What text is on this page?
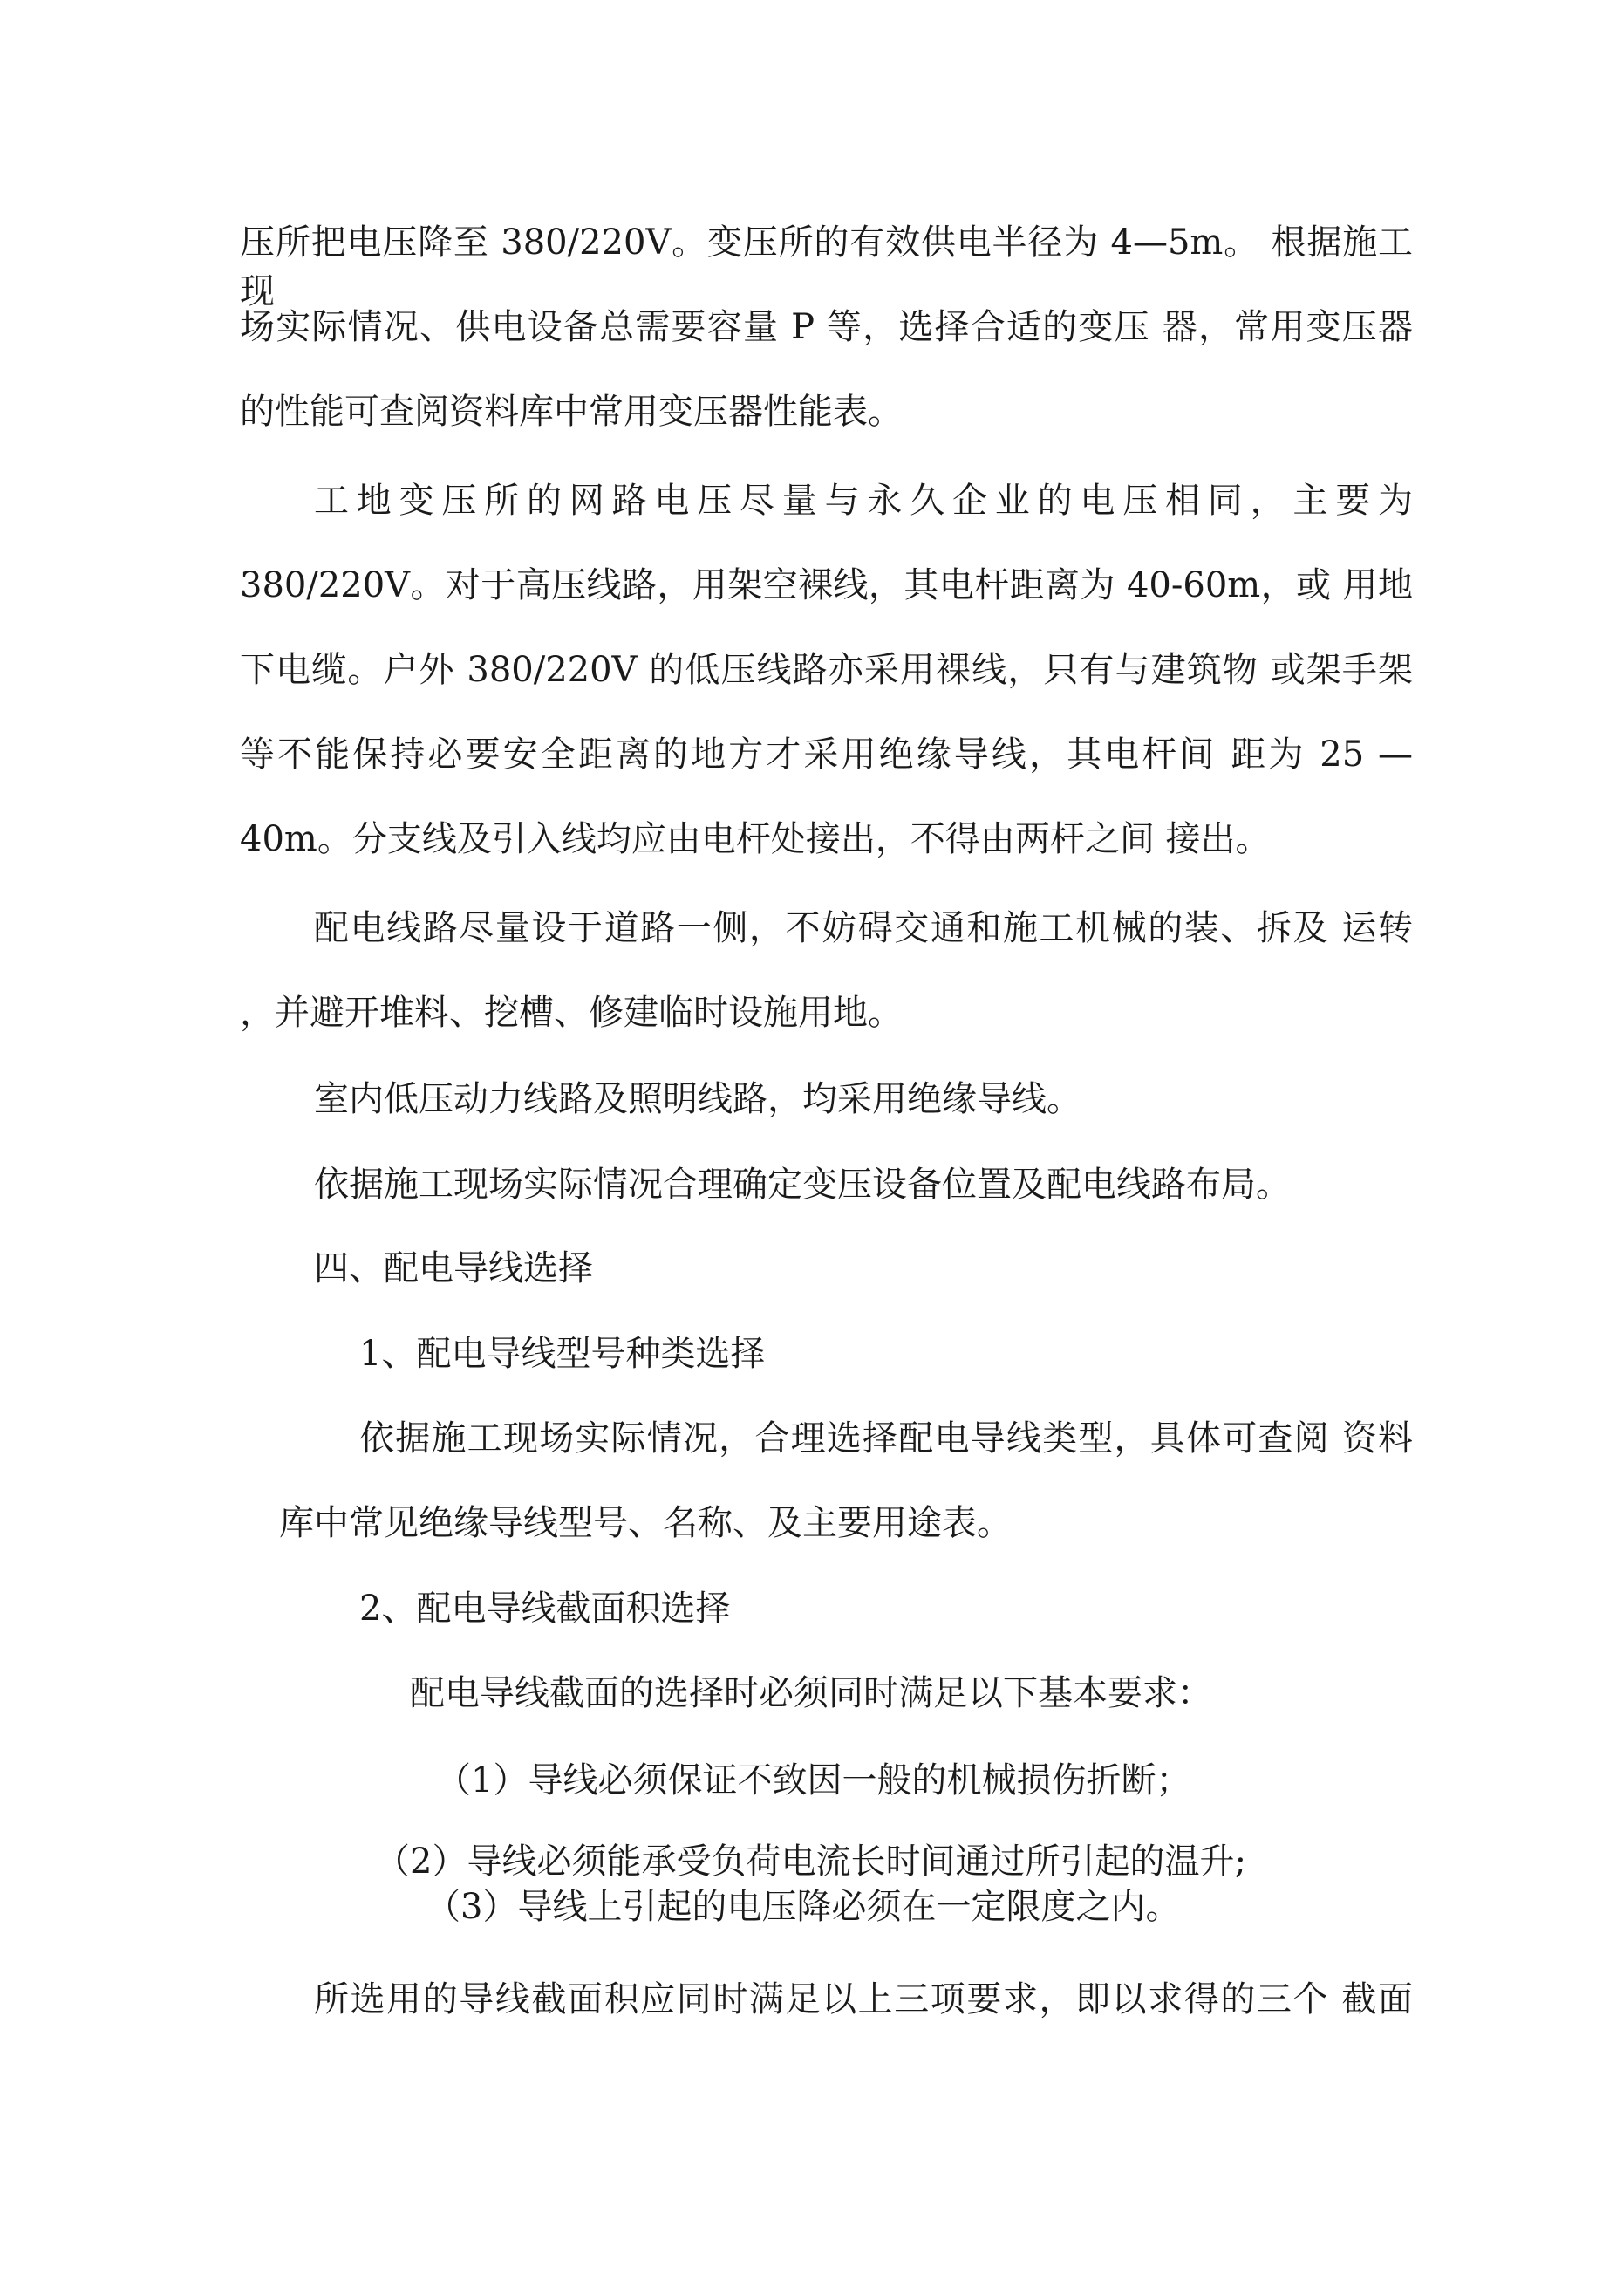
压所把电压降至 380/220V。变压所的有效供电半径为 4—5m。 根据施工现
场实际情况、供电设备总需要容量 P 等，选择合适的变压 器，常用变压器
的性能可查阅资料库中常用变压器性能表。
工地变压所的网路电压尽量与永久企业的电压相同，主要为
380/220V。对于高压线路，用架空裸线，其电杆距离为 40-60m，或 用地
下电缆。户外 380/220V 的低压线路亦采用裸线，只有与建筑物 或架手架
等不能保持必要安全距离的地方才采用绝缘导线，其电杆间 距为 25 —
40m。分支线及引入线均应由电杆处接出，不得由两杆之间 接出。
配电线路尽量设于道路一侧，不妨碍交通和施工机械的装、拆及 运转
，并避开堆料、挖槽、修建临时设施用地。
室内低压动力线路及照明线路，均采用绝缘导线。
依据施工现场实际情况合理确定变压设备位置及配电线路布局。
四、配电导线选择
1、配电导线型号种类选择
依据施工现场实际情况，合理选择配电导线类型，具体可查阅 资料
库中常见绝缘导线型号、名称、及主要用途表。
2、配电导线截面积选择
配电导线截面的选择时必须同时满足以下基本要求：
（1）导线必须保证不致因一般的机械损伤折断；
（2）导线必须能承受负荷电流长时间通过所引起的温升;
（3）导线上引起的电压降必须在一定限度之内。
所选用的导线截面积应同时满足以上三项要求，即以求得的三个 截面
